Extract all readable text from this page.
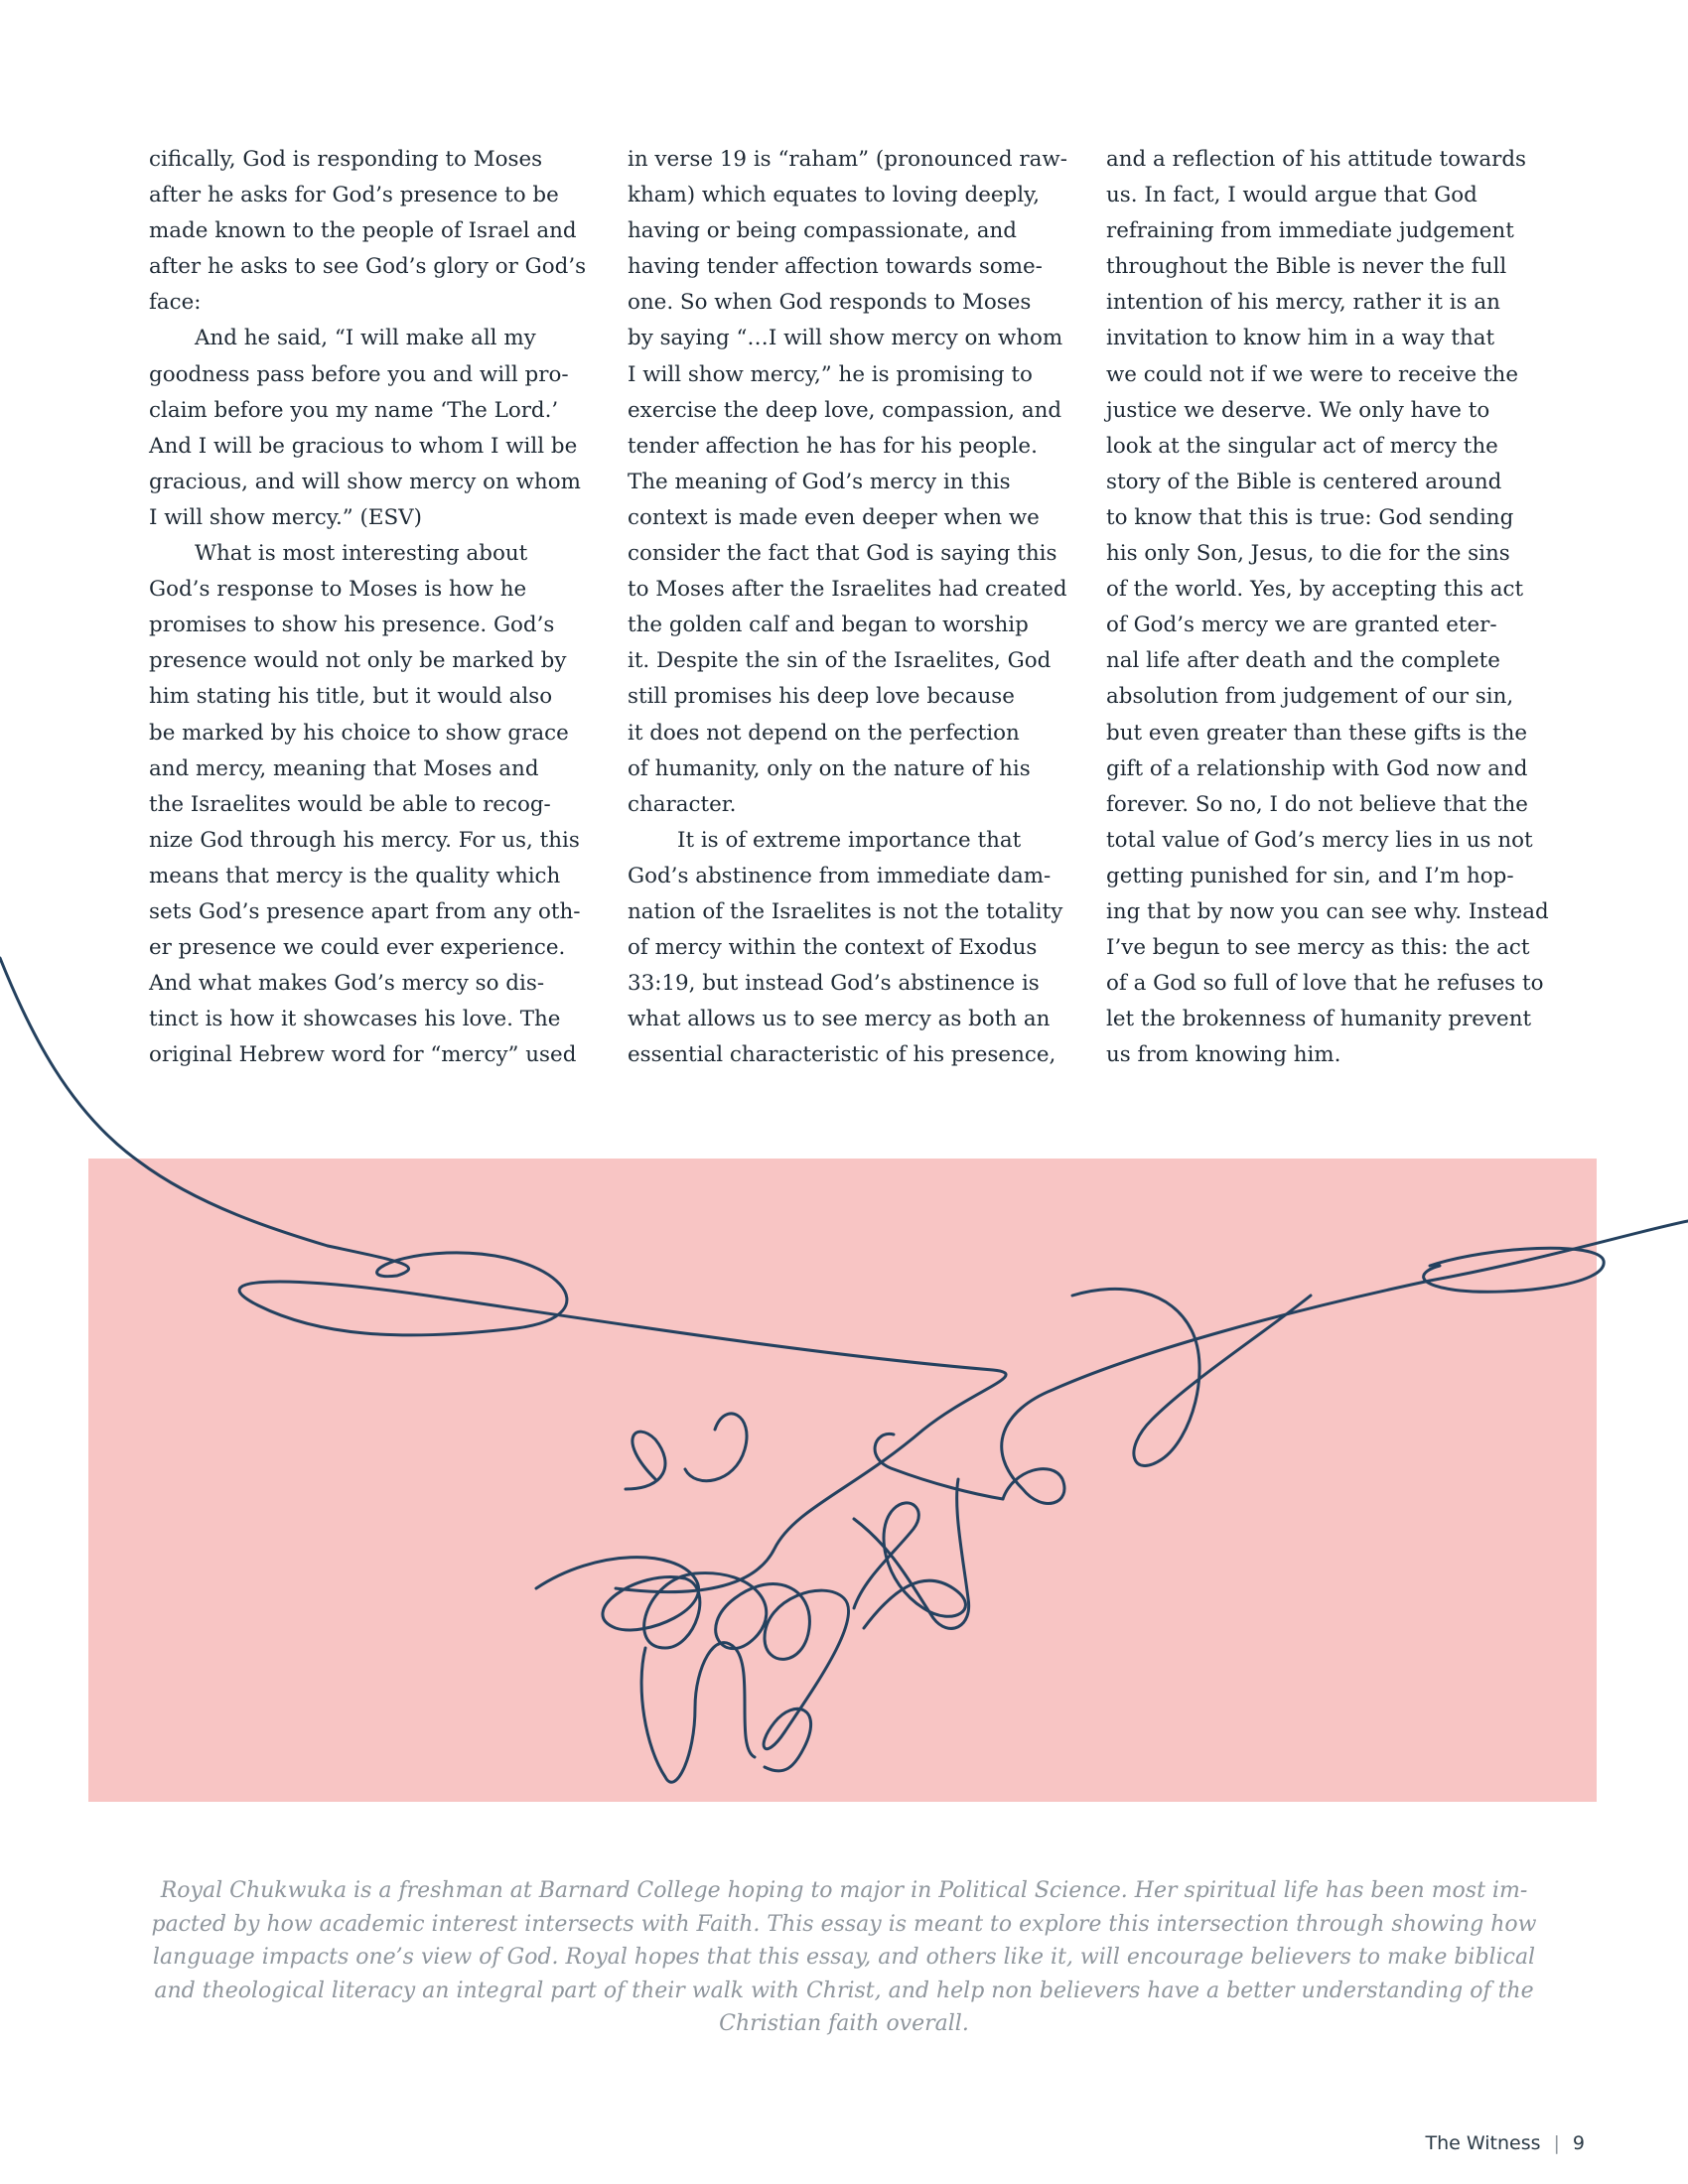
cifically, God is responding to Moses

after he asks for God’s presence to be

made known to the people of Israel and

after he asks to see God’s glory or God’s

face:

And he said, “I will make all my

goodness pass before you and will pro-

claim before you my name ‘The Lord.’

And I will be gracious to whom I will be

gracious, and will show mercy on whom

I will show mercy.” (ESV)

What is most interesting about

God’s response to Moses is how he

promises to show his presence. God’s

presence would not only be marked by

him stating his title, but it would also

be marked by his choice to show grace

and mercy, meaning that Moses and

the Israelites would be able to recog-

nize God through his mercy. For us, this

means that mercy is the quality which

sets God’s presence apart from any oth-

er presence we could ever experience.

And what makes God’s mercy so dis-

tinct is how it showcases his love. The

original Hebrew word for “mercy” used

in verse 19 is “raham” (pronounced raw-

kham) which equates to loving deeply,

having or being compassionate, and

having tender affection towards some-

one. So when God responds to Moses

by saying “…I will show mercy on whom

I will show mercy,” he is promising to

exercise the deep love, compassion, and

tender affection he has for his people.

The meaning of God’s mercy in this

context is made even deeper when we

consider the fact that God is saying this

to Moses after the Israelites had created

the golden calf and began to worship

it. Despite the sin of the Israelites, God

still promises his deep love because

it does not depend on the perfection

of humanity, only on the nature of his

character.

It is of extreme importance that

God’s abstinence from immediate dam-

nation of the Israelites is not the totality

of mercy within the context of Exodus

33:19, but instead God’s abstinence is

what allows us to see mercy as both an

essential characteristic of his presence,

and a reflection of his attitude towards

us. In fact, I would argue that God

refraining from immediate judgement

throughout the Bible is never the full

intention of his mercy, rather it is an

invitation to know him in a way that

we could not if we were to receive the

justice we deserve. We only have to

look at the singular act of mercy the

story of the Bible is centered around

to know that this is true: God sending

his only Son, Jesus, to die for the sins

of the world. Yes, by accepting this act

of God’s mercy we are granted eter-

nal life after death and the complete

absolution from judgement of our sin,

but even greater than these gifts is the

gift of a relationship with God now and

forever. So no, I do not believe that the

total value of God’s mercy lies in us not

getting punished for sin, and I’m hop-

ing that by now you can see why. Instead

I’ve begun to see mercy as this: the act

of a God so full of love that he refuses to

let the brokenness of humanity prevent

us from knowing him.

Royal Chukwuka is a freshman at Barnard College hoping to major in Political Science. Her spiritual life has been most im-

pacted by how academic interest intersects with Faith. This essay is meant to explore this intersection through showing how

language impacts one’s view of God. Royal hopes that this essay, and others like it, will encourage believers to make biblical

and theological literacy an integral part of their walk with Christ, and help non believers have a better understanding of the

Christian faith overall.

The Witness | 9
